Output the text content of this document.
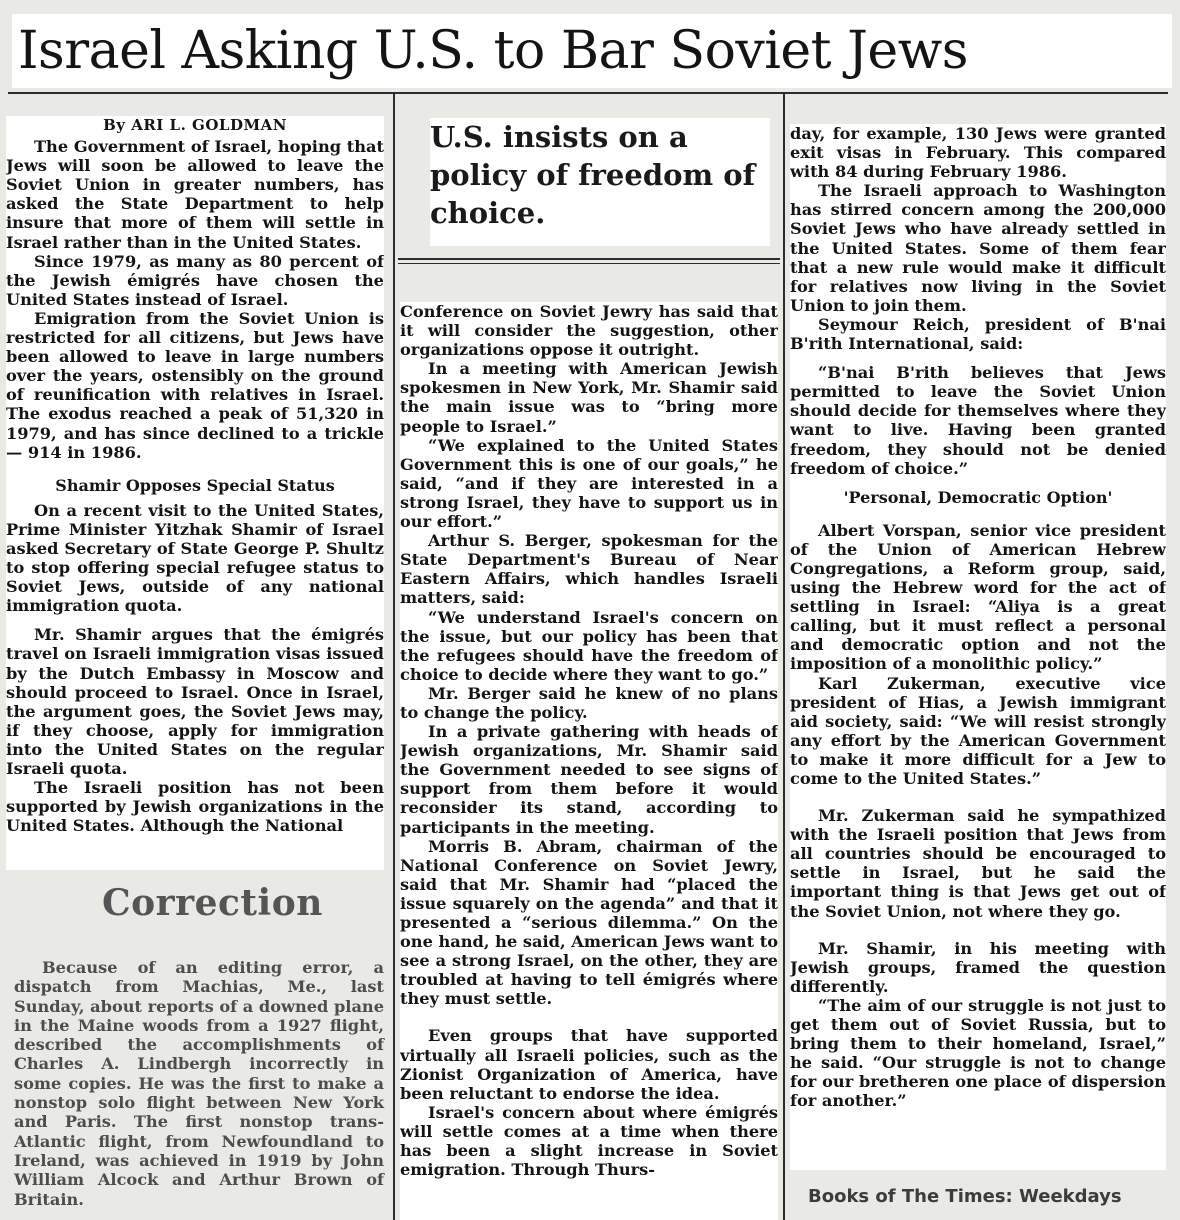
Israel Asking U.S. to Bar Soviet Jews
By ARI L. GOLDMAN

The Government of Israel, hoping that Jews will soon be allowed to leave the Soviet Union in greater numbers, has asked the State Department to help insure that more of them will settle in Israel rather than in the United States.

Since 1979, as many as 80 percent of the Jewish émigrés have chosen the United States instead of Israel.

Emigration from the Soviet Union is restricted for all citizens, but Jews have been allowed to leave in large numbers over the years, ostensibly on the ground of reunification with relatives in Israel. The exodus reached a peak of 51,320 in 1979, and has since declined to a trickle — 914 in 1986.

Shamir Opposes Special Status

On a recent visit to the United States, Prime Minister Yitzhak Shamir of Israel asked Secretary of State George P. Shultz to stop offering special refugee status to Soviet Jews, outside of any national immigration quota.

Mr. Shamir argues that the émigrés travel on Israeli immigration visas issued by the Dutch Embassy in Moscow and should proceed to Israel. Once in Israel, the argument goes, the Soviet Jews may, if they choose, apply for immigration into the United States on the regular Israeli quota.

The Israeli position has not been supported by Jewish organizations in the United States. Although the National

Correction

Because of an editing error, a dispatch from Machias, Me., last Sunday, about reports of a downed plane in the Maine woods from a 1927 flight, described the accomplishments of Charles A. Lindbergh incorrectly in some copies. He was the first to make a nonstop solo flight between New York and Paris. The first nonstop trans-Atlantic flight, from Newfoundland to Ireland, was achieved in 1919 by John William Alcock and Arthur Brown of Britain.

U.S. insists on a policy of freedom of choice.

Conference on Soviet Jewry has said that it will consider the suggestion, other organizations oppose it outright.

In a meeting with American Jewish spokesmen in New York, Mr. Shamir said the main issue was to “bring more people to Israel.”

“We explained to the United States Government this is one of our goals,” he said, “and if they are interested in a strong Israel, they have to support us in our effort.”

Arthur S. Berger, spokesman for the State Department's Bureau of Near Eastern Affairs, which handles Israeli matters, said:

“We understand Israel's concern on the issue, but our policy has been that the refugees should have the freedom of choice to decide where they want to go.”

Mr. Berger said he knew of no plans to change the policy.

In a private gathering with heads of Jewish organizations, Mr. Shamir said the Government needed to see signs of support from them before it would reconsider its stand, according to participants in the meeting.

Morris B. Abram, chairman of the National Conference on Soviet Jewry, said that Mr. Shamir had “placed the issue squarely on the agenda” and that it presented a “serious dilemma.” On the one hand, he said, American Jews want to see a strong Israel, on the other, they are troubled at having to tell émigrés where they must settle.

Even groups that have supported virtually all Israeli policies, such as the Zionist Organization of America, have been reluctant to endorse the idea.

Israel's concern about where émigrés will settle comes at a time when there has been a slight increase in Soviet emigration. Through Thurs-

day, for example, 130 Jews were granted exit visas in February. This compared with 84 during February 1986.

The Israeli approach to Washington has stirred concern among the 200,000 Soviet Jews who have already settled in the United States. Some of them fear that a new rule would make it difficult for relatives now living in the Soviet Union to join them.

Seymour Reich, president of B'nai B'rith International, said:

“B'nai B'rith believes that Jews permitted to leave the Soviet Union should decide for themselves where they want to live. Having been granted freedom, they should not be denied freedom of choice.”

'Personal, Democratic Option'

Albert Vorspan, senior vice president of the Union of American Hebrew Congregations, a Reform group, said, using the Hebrew word for the act of settling in Israel: “Aliya is a great calling, but it must reflect a personal and democratic option and not the imposition of a monolithic policy.”

Karl Zukerman, executive vice president of Hias, a Jewish immigrant aid society, said: “We will resist strongly any effort by the American Government to make it more difficult for a Jew to come to the United States.”

Mr. Zukerman said he sympathized with the Israeli position that Jews from all countries should be encouraged to settle in Israel, but he said the important thing is that Jews get out of the Soviet Union, not where they go.

Mr. Shamir, in his meeting with Jewish groups, framed the question differently.

“The aim of our struggle is not just to get them out of Soviet Russia, but to bring them to their homeland, Israel,” he said. “Our struggle is not to change for our bretheren one place of dispersion for another.”

Books of The Times: Weekdays
